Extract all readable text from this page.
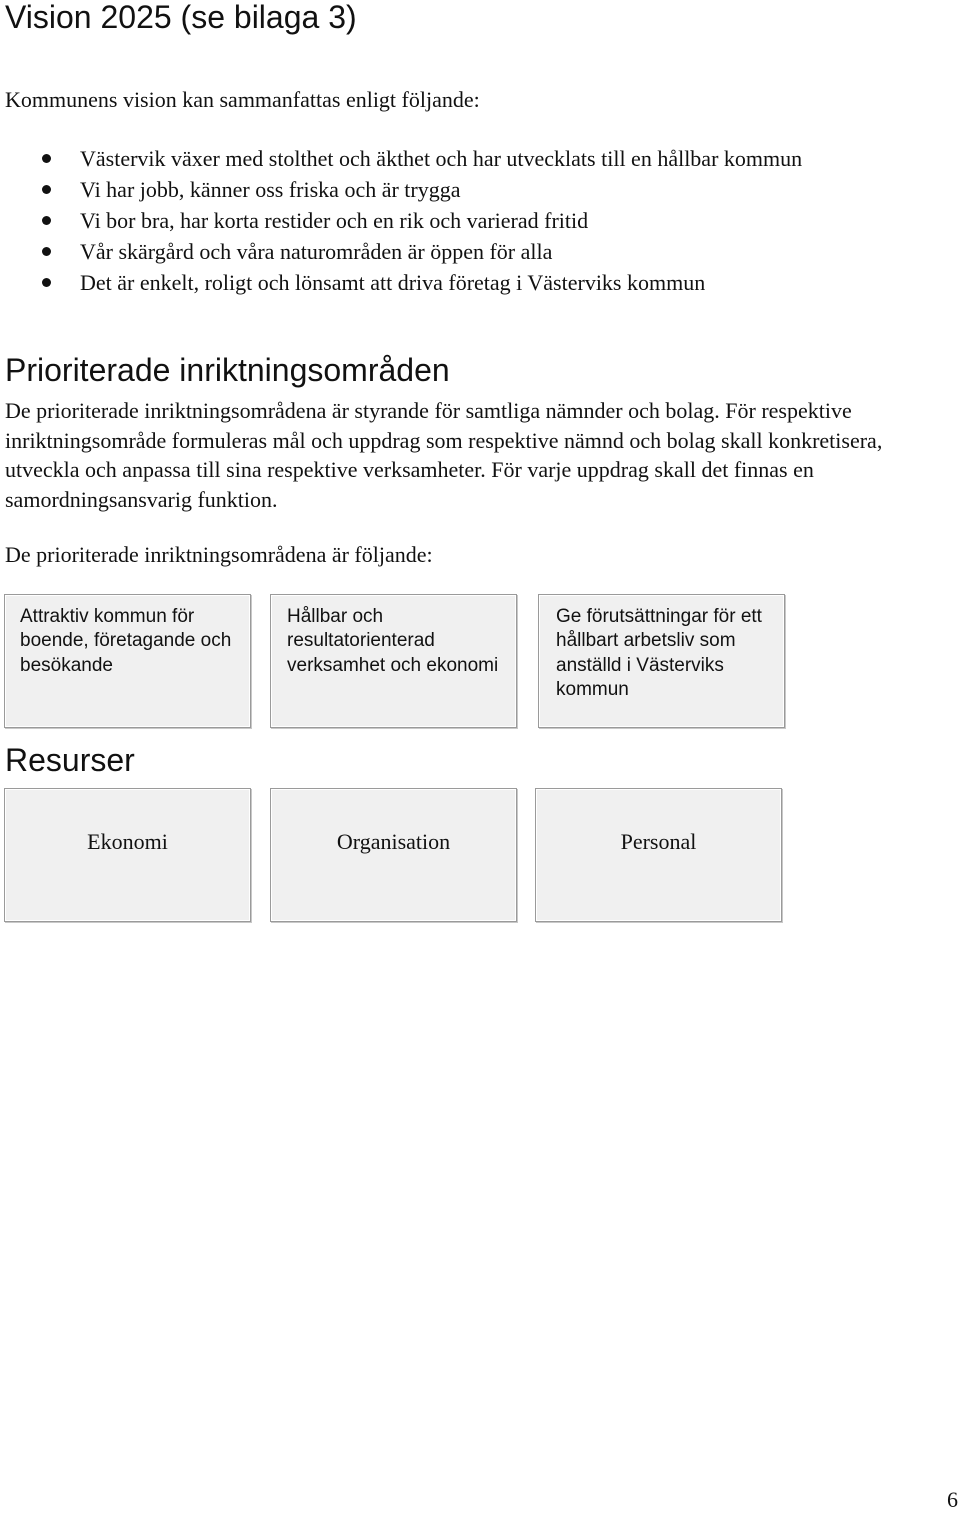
Vision 2025 (se bilaga 3)

Kommunens vision kan sammanfattas enligt följande:

Västervik växer med stolthet och äkthet och har utvecklats till en hållbar kommun
Vi har jobb, känner oss friska och är trygga
Vi bor bra, har korta restider och en rik och varierad fritid
Vår skärgård och våra naturområden är öppen för alla
Det är enkelt, roligt och lönsamt att driva företag i Västerviks kommun
Prioriterade inriktningsområden

De prioriterade inriktningsområdena är styrande för samtliga nämnder och bolag. För respektive inriktningsområde formuleras mål och uppdrag som respektive nämnd och bolag skall konkretisera, utveckla och anpassa till sina respektive verksamheter. För varje uppdrag skall det finnas en samordningsansvarig funktion.

De prioriterade inriktningsområdena är följande:

Attraktiv kommun för boende, företagande och besökande
Hållbar och resultatorienterad verksamhet och ekonomi
Ge förutsättningar för ett hållbart arbetsliv som anställd i Västerviks kommun
Resurser
Ekonomi	Organisation	Personal
6
